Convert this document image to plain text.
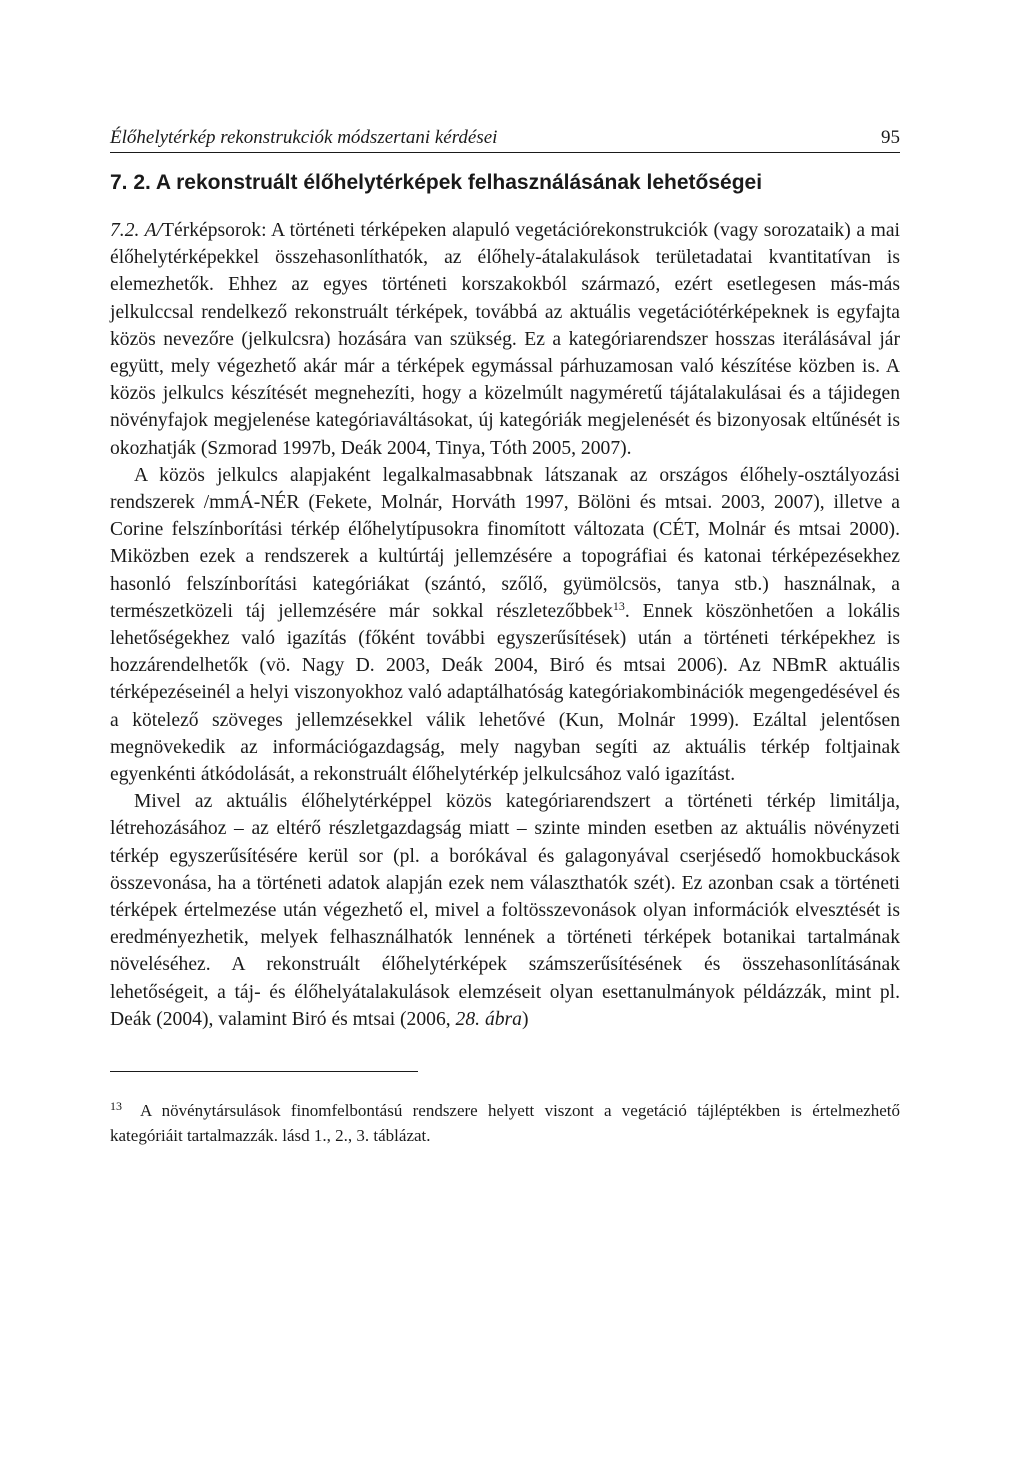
Élőhelytérkép rekonstrukciók módszertani kérdései	95
7. 2. A rekonstruált élőhelytérképek felhasználásának lehetőségei

7.2. A/Térképsorok: A történeti térképeken alapuló vegetációrekonstrukciók (vagy sorozataik) a mai élőhelytérképekkel összehasonlíthatók, az élőhely-átalakulások területadatai kvantitatívan is elemezhetők. Ehhez az egyes történeti korszakokból származó, ezért esetlegesen más-más jelkulccsal rendelkező rekonstruált térképek, továbbá az aktuális vegetációtérképeknek is egyfajta közös nevezőre (jelkulcsra) hozására van szükség. Ez a kategóriarendszer hosszas iterálásával jár együtt, mely végezhető akár már a térképek egymással párhuzamosan való készítése közben is. A közös jelkulcs készítését megnehezíti, hogy a közelmúlt nagyméretű tájátalakulásai és a tájidegen növényfajok megjelenése kategóriaváltásokat, új kategóriák megjelenését és bizonyosak eltűnését is okozhatják (Szmorad 1997b, Deák 2004, Tinya, Tóth 2005, 2007).

A közös jelkulcs alapjaként legalkalmasabbnak látszanak az országos élőhely-osztályozási rendszerek /mmÁ-NÉR (Fekete, Molnár, Horváth 1997, Bölöni és mtsai. 2003, 2007), illetve a Corine felszínborítási térkép élőhelytípusokra finomított változata (CÉT, Molnár és mtsai 2000). Miközben ezek a rendszerek a kultúrtáj jellemzésére a topográfiai és katonai térképezésekhez hasonló felszínborítási kategóriákat (szántó, szőlő, gyümölcsös, tanya stb.) használnak, a természetközeli táj jellemzésére már sokkal részletezőbbek$^{13}$. Ennek köszönhetően a lokális lehetőségekhez való igazítás (főként további egyszerűsítések) után a történeti térképekhez is hozzárendelhetők (vö. Nagy D. 2003, Deák 2004, Biró és mtsai 2006). Az NBmR aktuális térképezéseinél a helyi viszonyokhoz való adaptálhatóság kategóriakombinációk megengedésével és a kötelező szöveges jellemzésekkel válik lehetővé (Kun, Molnár 1999). Ezáltal jelentősen megnövekedik az információgazdagság, mely nagyban segíti az aktuális térkép foltjainak egyenkénti átkódolását, a rekonstruált élőhelytérkép jelkulcsához való igazítást.

Mivel az aktuális élőhelytérképpel közös kategóriarendszert a történeti térkép limitálja, létrehozásához – az eltérő részletgazdagság miatt – szinte minden esetben az aktuális növényzeti térkép egyszerűsítésére kerül sor (pl. a borókával és galagonyával cserjésedő homokbuckások összevonása, ha a történeti adatok alapján ezek nem választhatók szét). Ez azonban csak a történeti térképek értelmezése után végezhető el, mivel a foltösszevonások olyan információk elvesztését is eredményezhetik, melyek felhasználhatók lennének a történeti térképek botanikai tartalmának növeléséhez. A rekonstruált élőhelytérképek számszerűsítésének és összehasonlításának lehetőségeit, a táj- és élőhelyátalakulások elemzéseit olyan esettanulmányok példázzák, mint pl. Deák (2004), valamint Biró és mtsai (2006, 28. ábra)

$^{13}$ A növénytársulások finomfelbontású rendszere helyett viszont a vegetáció tájléptékben is értelmezhető kategóriáit tartalmazzák. lásd 1., 2., 3. táblázat.
